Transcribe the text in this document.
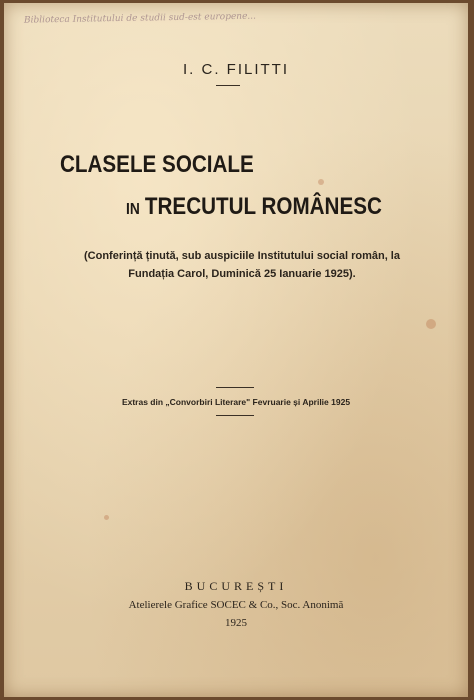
Biblioteca Institutului de studii sud-est europene...
I. C. FILITTI
CLASELE SOCIALE
IN TRECUTUL ROMÂNESC
(Conferință ținută, sub auspiciile Institutului social român, la
Fundația Carol, Duminică 25 Ianuarie 1925).
Extras din „Convorbiri Literare" Fevruarie și Aprilie 1925
BUCUREȘTI
Atelierele Grafice SOCEC & Co., Soc. Anonimă
1925
